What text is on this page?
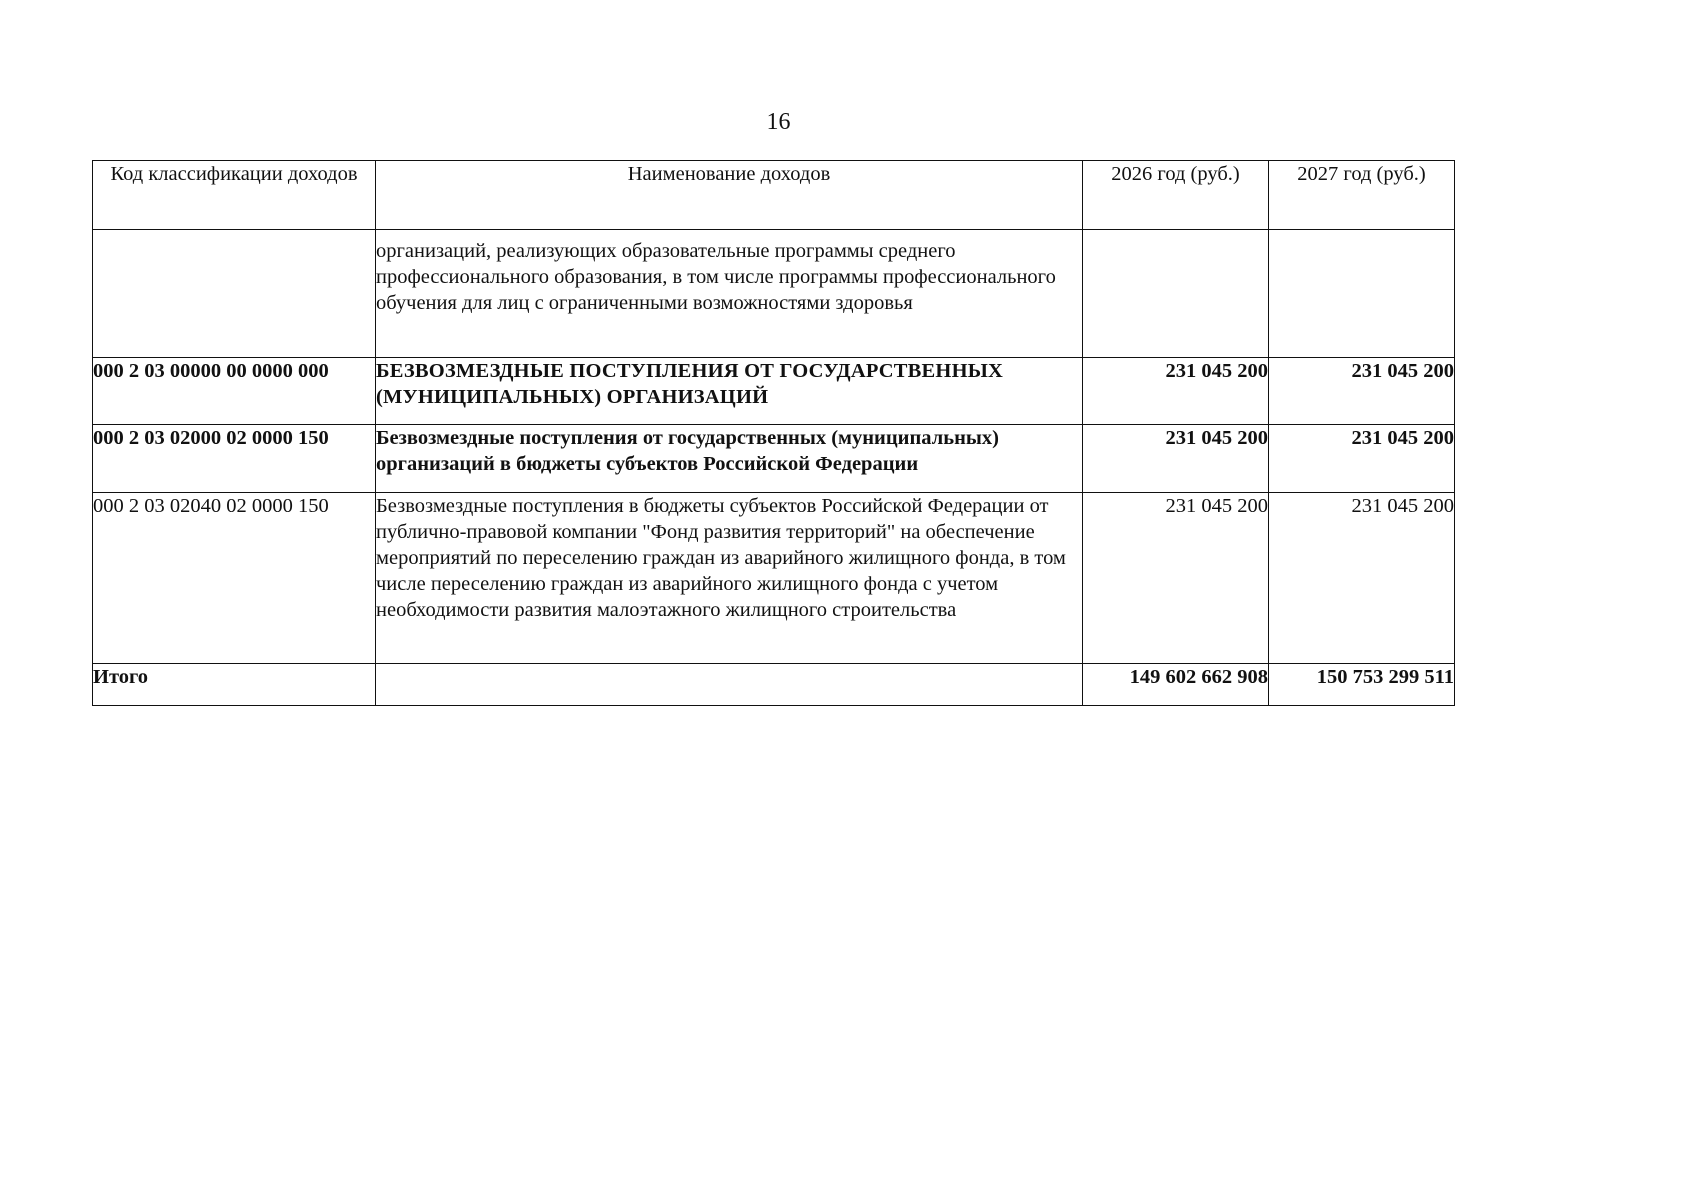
16
Код классификации доходов	Наименование доходов	2026 год (руб.)	2027 год (руб.)
	организаций, реализующих образовательные программы среднего профессионального образования, в том числе программы профессионального обучения для лиц с ограниченными возможностями здоровья		
000 2 03 00000 00 0000 000	БЕЗВОЗМЕЗДНЫЕ ПОСТУПЛЕНИЯ ОТ ГОСУДАРСТВЕННЫХ (МУНИЦИПАЛЬНЫХ) ОРГАНИЗАЦИЙ	231 045 200	231 045 200
000 2 03 02000 02 0000 150	Безвозмездные поступления от государственных (муниципальных) организаций в бюджеты субъектов Российской Федерации	231 045 200	231 045 200
000 2 03 02040 02 0000 150	Безвозмездные поступления в бюджеты субъектов Российской Федерации от публично-правовой компании "Фонд развития территорий" на обеспечение мероприятий по переселению граждан из аварийного жилищного фонда, в том числе переселению граждан из аварийного жилищного фонда с учетом необходимости развития малоэтажного жилищного строительства	231 045 200	231 045 200
Итого		149 602 662 908	150 753 299 511
